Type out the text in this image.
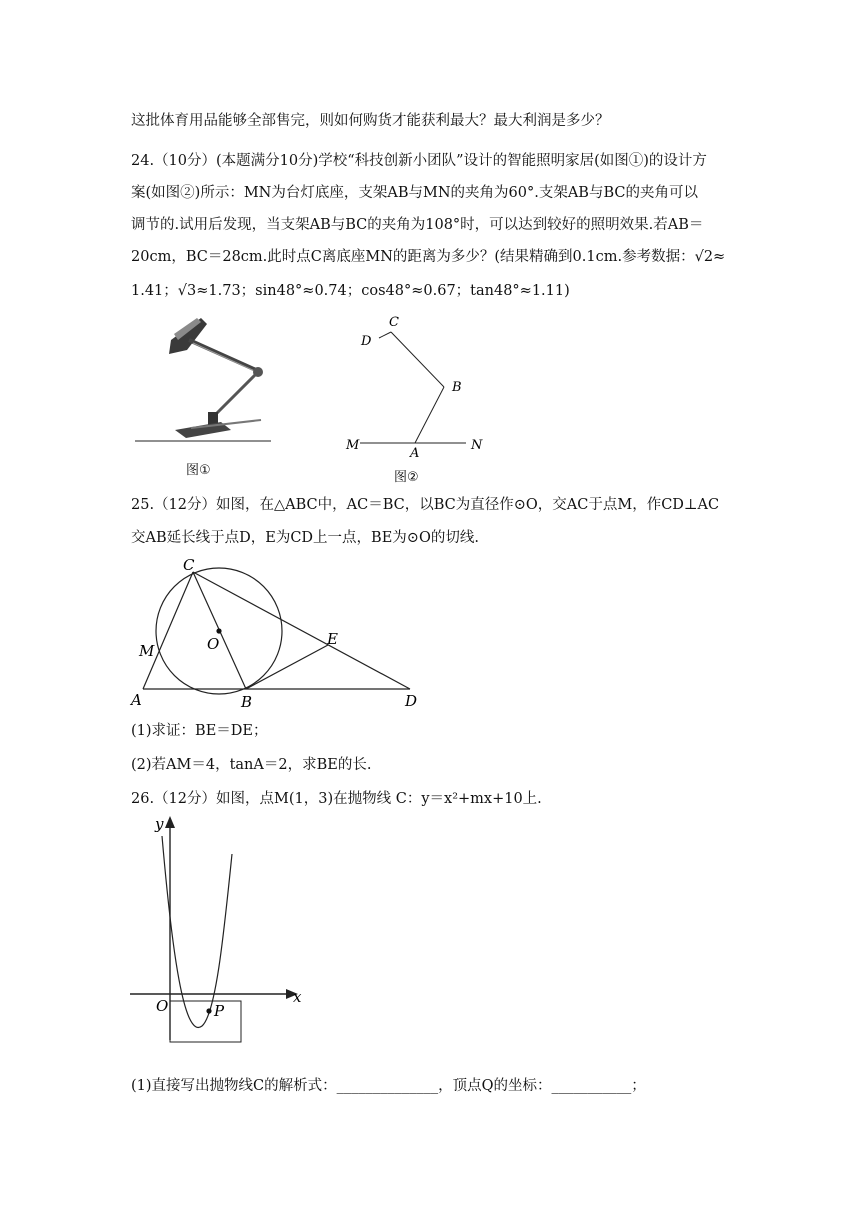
这批体育用品能够全部售完，则如何购货才能获利最大？最大利润是多少？
24.（10分）(本题满分10分)学校“科技创新小团队”设计的智能照明家居(如图①)的设计方
案(如图②)所示：MN为台灯底座，支架AB与MN的夹角为60°.支架AB与BC的夹角可以
调节的.试用后发现，当支架AB与BC的夹角为108°时，可以达到较好的照明效果.若AB＝
20cm，BC＝28cm.此时点C离底座MN的距离为多少？(结果精确到0.1cm.参考数据：√2≈
1.41；√3≈1.73；sin48°≈0.74；cos48°≈0.67；tan48°≈1.11)
图①
C
D
B
A
M	N
图②
25.（12分）如图，在△ABC中，AC＝BC，以BC为直径作⊙O，交AC于点M，作CD⊥AC
交AB延长线于点D，E为CD上一点，BE为⊙O的切线.
C
O
M
E
A	B	D
(1)求证：BE＝DE；
(2)若AM＝4，tanA＝2，求BE的长.
26.（12分）如图，点M(1，3)在抛物线 C：y＝x²+mx+10上.
y
x
O	P
(1)直接写出抛物线C的解析式：______________，顶点Q的坐标：___________；
